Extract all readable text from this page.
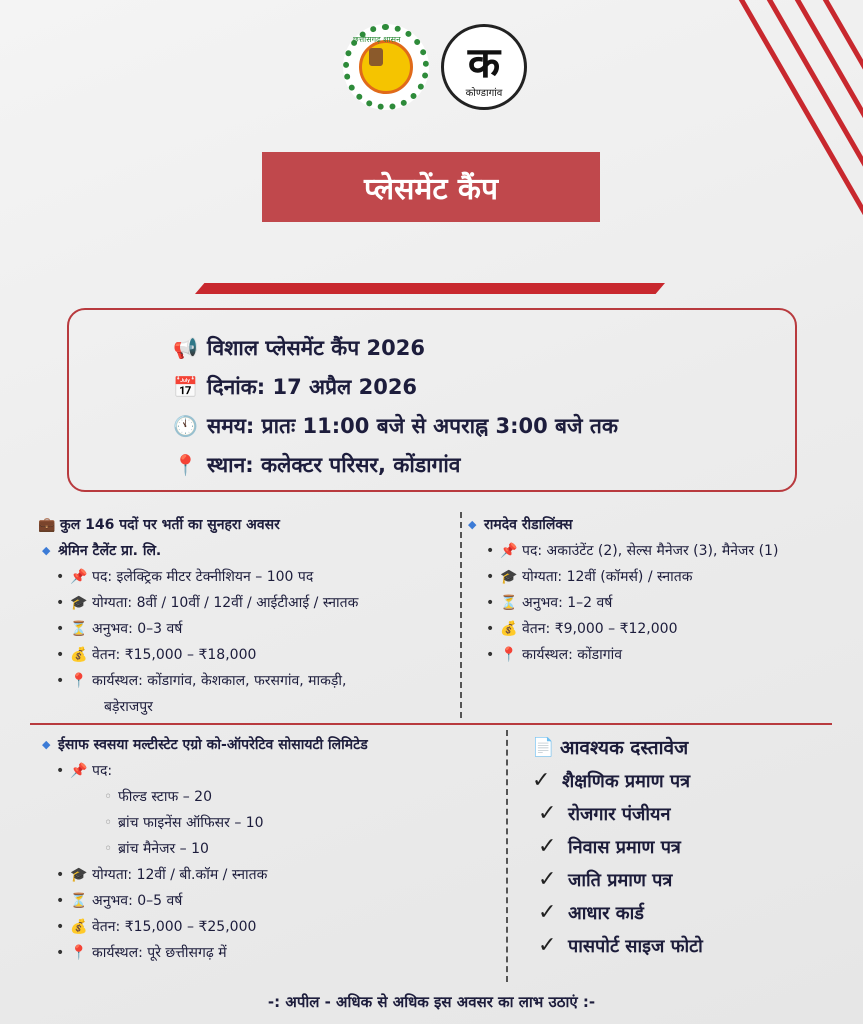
छत्तीसगढ़ शासन	क
कोण्डागांव
प्लेसमेंट कैंप
📢 विशाल प्लेसमेंट कैंप 2026
📅 दिनांक: 17 अप्रैल 2026
🕚 समय: प्रातः 11:00 बजे से अपराह्न 3:00 बजे तक
📍 स्थान: कलेक्टर परिसर, कोंडागांव
💼 कुल 146 पदों पर भर्ती का सुनहरा अवसर
◆ श्रेमिन टैलेंट प्रा. लि.
• 📌 पद: इलेक्ट्रिक मीटर टेक्नीशियन – 100 पद
• 🎓 योग्यता: 8वीं / 10वीं / 12वीं / आईटीआई / स्नातक
• ⏳ अनुभव: 0–3 वर्ष
• 💰 वेतन: ₹15,000 – ₹18,000
• 📍 कार्यस्थल: कोंडागांव, केशकाल, फरसगांव, माकड़ी,
बड़ेराजपुर
◆ रामदेव रीडालिंक्स
• 📌 पद: अकाउंटेंट (2), सेल्स मैनेजर (3), मैनेजर (1)
• 🎓 योग्यता: 12वीं (कॉमर्स) / स्नातक
• ⏳ अनुभव: 1–2 वर्ष
• 💰 वेतन: ₹9,000 – ₹12,000
• 📍 कार्यस्थल: कोंडागांव
◆ ईसाफ स्वसया मल्टीस्टेट एग्रो को-ऑपरेटिव सोसायटी लिमिटेड
• 📌 पद:
◦ फील्ड स्टाफ – 20
◦ ब्रांच फाइनेंस ऑफिसर – 10
◦ ब्रांच मैनेजर – 10
• 🎓 योग्यता: 12वीं / बी.कॉम / स्नातक
• ⏳ अनुभव: 0–5 वर्ष
• 💰 वेतन: ₹15,000 – ₹25,000
• 📍 कार्यस्थल: पूरे छत्तीसगढ़ में
📄 आवश्यक दस्तावेज
✓ शैक्षणिक प्रमाण पत्र
✓ रोजगार पंजीयन
✓ निवास प्रमाण पत्र
✓ जाति प्रमाण पत्र
✓ आधार कार्ड
✓ पासपोर्ट साइज फोटो
-: अपील - अधिक से अधिक इस अवसर का लाभ उठाएं :-
